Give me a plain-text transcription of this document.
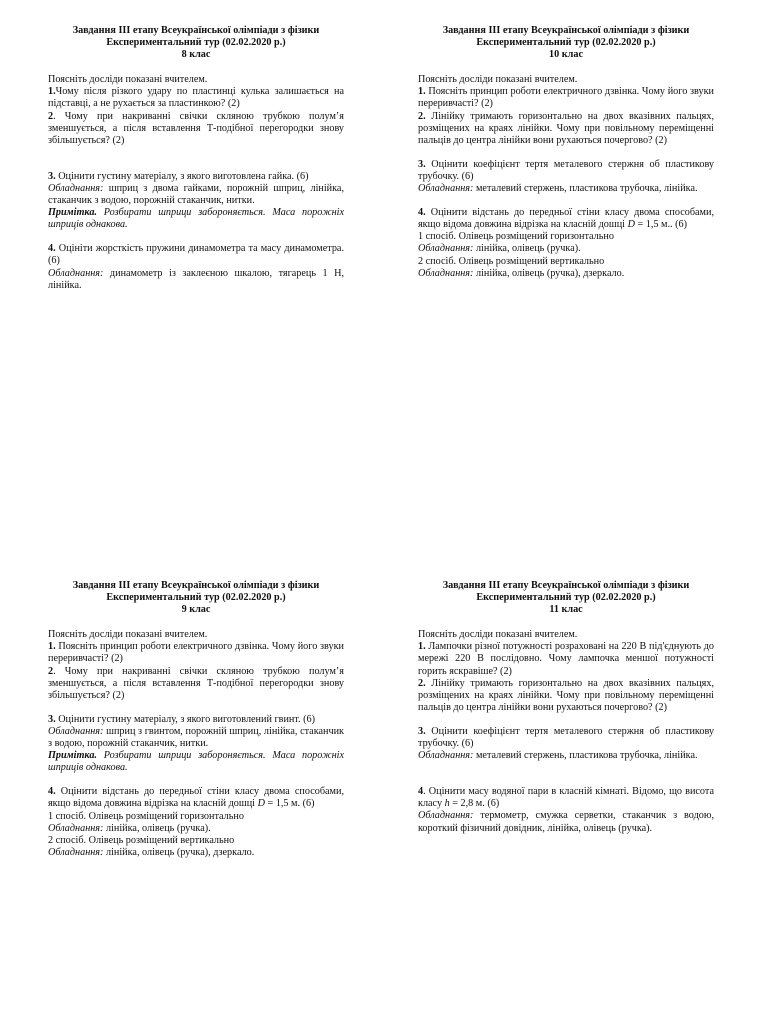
Завдання ІІІ етапу Всеукраїнської олімпіади з фізики
Експериментальний тур (02.02.2020 р.)
8 клас

Поясніть досліди показані вчителем.

1.Чому після різкого удару по пластинці кулька залишається на підставці, а не рухається за пластинкою? (2)

2. Чому при накриванні свічки скляною трубкою полум’я зменшується, а після вставлення Т-подібної перегородки знову збільшується? (2)

3. Оцінити густину матеріалу, з якого виготовлена гайка. (6)

Обладнання: шприц з двома гайками, порожній шприц, лінійка, стаканчик з водою, порожній стаканчик, нитки.

Примітка. Розбирати шприци забороняється. Маса порожніх шприців однакова.

4. Оцініти жорсткість пружини динамометра та масу динамометра. (6)

Обладнання: динамометр із заклеєною шкалою, тягарець 1 Н, лінійка.

Завдання ІІІ етапу Всеукраїнської олімпіади з фізики
Експериментальний тур (02.02.2020 р.)
10 клас

Поясніть досліди показані вчителем.

1. Поясніть принцип роботи електричного дзвінка. Чому його звуки переривчасті? (2)

2. Лінійку тримають горизонтально на двох вказівних пальцях, розміщених на краях лінійки. Чому при повільному переміщенні пальців до центра лінійки вони рухаються почергово? (2)

3. Оцінити коефіцієнт тертя металевого стержня об пластикову трубочку. (6)

Обладнання: металевий стержень, пластикова трубочка, лінійка.

4. Оцінити відстань до передньої стіни класу двома способами, якщо відома довжина відрізка на класній дошці D = 1,5 м.. (6)

1 спосіб. Олівець розміщений горизонтально

Обладнання: лінійка, олівець (ручка).

2 спосіб. Олівець розміщений вертикально

Обладнання: лінійка, олівець (ручка), дзеркало.

Завдання ІІІ етапу Всеукраїнської олімпіади з фізики
Експериментальний тур (02.02.2020 р.)
9 клас

Поясніть досліди показані вчителем.

1. Поясніть принцип роботи електричного дзвінка. Чому його звуки переривчасті? (2)

2. Чому при накриванні свічки скляною трубкою полум’я зменшується, а після вставлення Т-подібної перегородки знову збільшується? (2)

3. Оцінити густину матеріалу, з якого виготовлений гвинт. (6)

Обладнання: шприц з гвинтом, порожній шприц, лінійка, стаканчик з водою, порожній стаканчик, нитки.

Примітка. Розбирати шприци забороняється. Маса порожніх шприців однакова.

4. Оцінити відстань до передньої стіни класу двома способами, якщо відома довжина відрізка на класній дошці D = 1,5 м. (6)

1 спосіб. Олівець розміщений горизонтально

Обладнання: лінійка, олівець (ручка).

2 спосіб. Олівець розміщений вертикально

Обладнання: лінійка, олівець (ручка), дзеркало.

Завдання ІІІ етапу Всеукраїнської олімпіади з фізики
Експериментальний тур (02.02.2020 р.)
11 клас

Поясніть досліди показані вчителем.

1. Лампочки різної потужності розраховані на 220 В під'єднують до мережі 220 В послідовно. Чому лампочка меншої потужності горить яскравіше? (2)

2. Лінійку тримають горизонтально на двох вказівних пальцях, розміщених на краях лінійки. Чому при повільному переміщенні пальців до центра лінійки вони рухаються почергово? (2)

3. Оцінити коефіцієнт тертя металевого стержня об пластикову трубочку. (6)

Обладнання: металевий стержень, пластикова трубочка, лінійка.

4. Оцінити масу водяної пари в класній кімнаті. Відомо, що висота класу h = 2,8 м. (6)

Обладнання: термометр, смужка серветки, стаканчик з водою, короткий фізичний довідник, лінійка, олівець (ручка).
